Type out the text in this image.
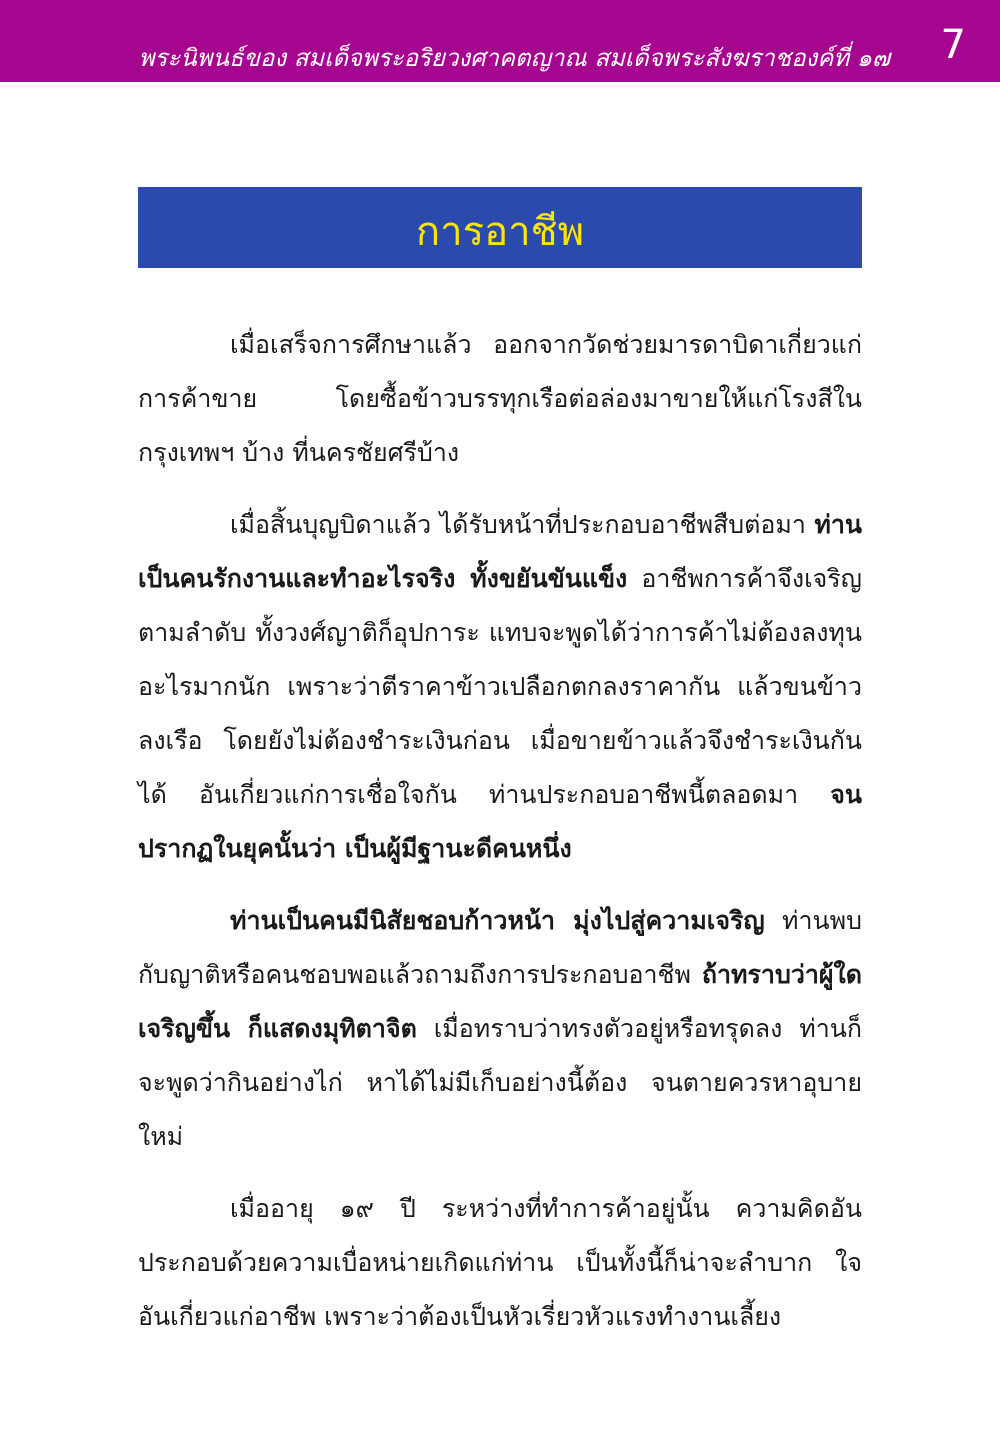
พระนิพนธ์ของ สมเด็จพระอริยวงศาคตญาณ สมเด็จพระสังฆราชองค์ที่ ๑๗ 7
การอาชีพ

เมื่อเสร็จการศึกษาแล้ว ออกจากวัดช่วยมารดาบิดาเกี่ยวแก่การค้าขาย โดยซื้อข้าวบรรทุกเรือต่อล่องมาขายให้แก่โรงสีในกรุงเทพฯ บ้าง ที่นครชัยศรีบ้าง

เมื่อสิ้นบุญบิดาแล้ว ได้รับหน้าที่ประกอบอาชีพสืบต่อมา ท่านเป็นคนรักงานและทำอะไรจริง ทั้งขยันขันแข็ง อาชีพการค้าจึงเจริญตามลำดับ ทั้งวงศ์ญาติก็อุปการะ แทบจะพูดได้ว่าการค้าไม่ต้องลงทุนอะไรมากนัก เพราะว่าตีราคาข้าวเปลือกตกลงราคากัน แล้วขนข้าวลงเรือ โดยยังไม่ต้องชำระเงินก่อน เมื่อขายข้าวแล้วจึงชำระเงินกันได้ อันเกี่ยวแก่การเชื่อใจกัน ท่านประกอบอาชีพนี้ตลอดมา จนปรากฏในยุคนั้นว่า เป็นผู้มีฐานะดีคนหนึ่ง

ท่านเป็นคนมีนิสัยชอบก้าวหน้า มุ่งไปสู่ความเจริญ ท่านพบกับญาติหรือคนชอบพอแล้วถามถึงการประกอบอาชีพ ถ้าทราบว่าผู้ใดเจริญขึ้น ก็แสดงมุทิตาจิต เมื่อทราบว่าทรงตัวอยู่หรือทรุดลง ท่านก็จะพูดว่ากินอย่างไก่ หาได้ไม่มีเก็บอย่างนี้ต้อง จนตายควรหาอุบายใหม่

เมื่ออายุ ๑๙ ปี ระหว่างที่ทำการค้าอยู่นั้น ความคิดอันประกอบด้วยความเบื่อหน่ายเกิดแก่ท่าน เป็นทั้งนี้ก็น่าจะลำบาก ใจอันเกี่ยวแก่อาชีพ เพราะว่าต้องเป็นหัวเรี่ยวหัวแรงทำงานเลี้ยง
